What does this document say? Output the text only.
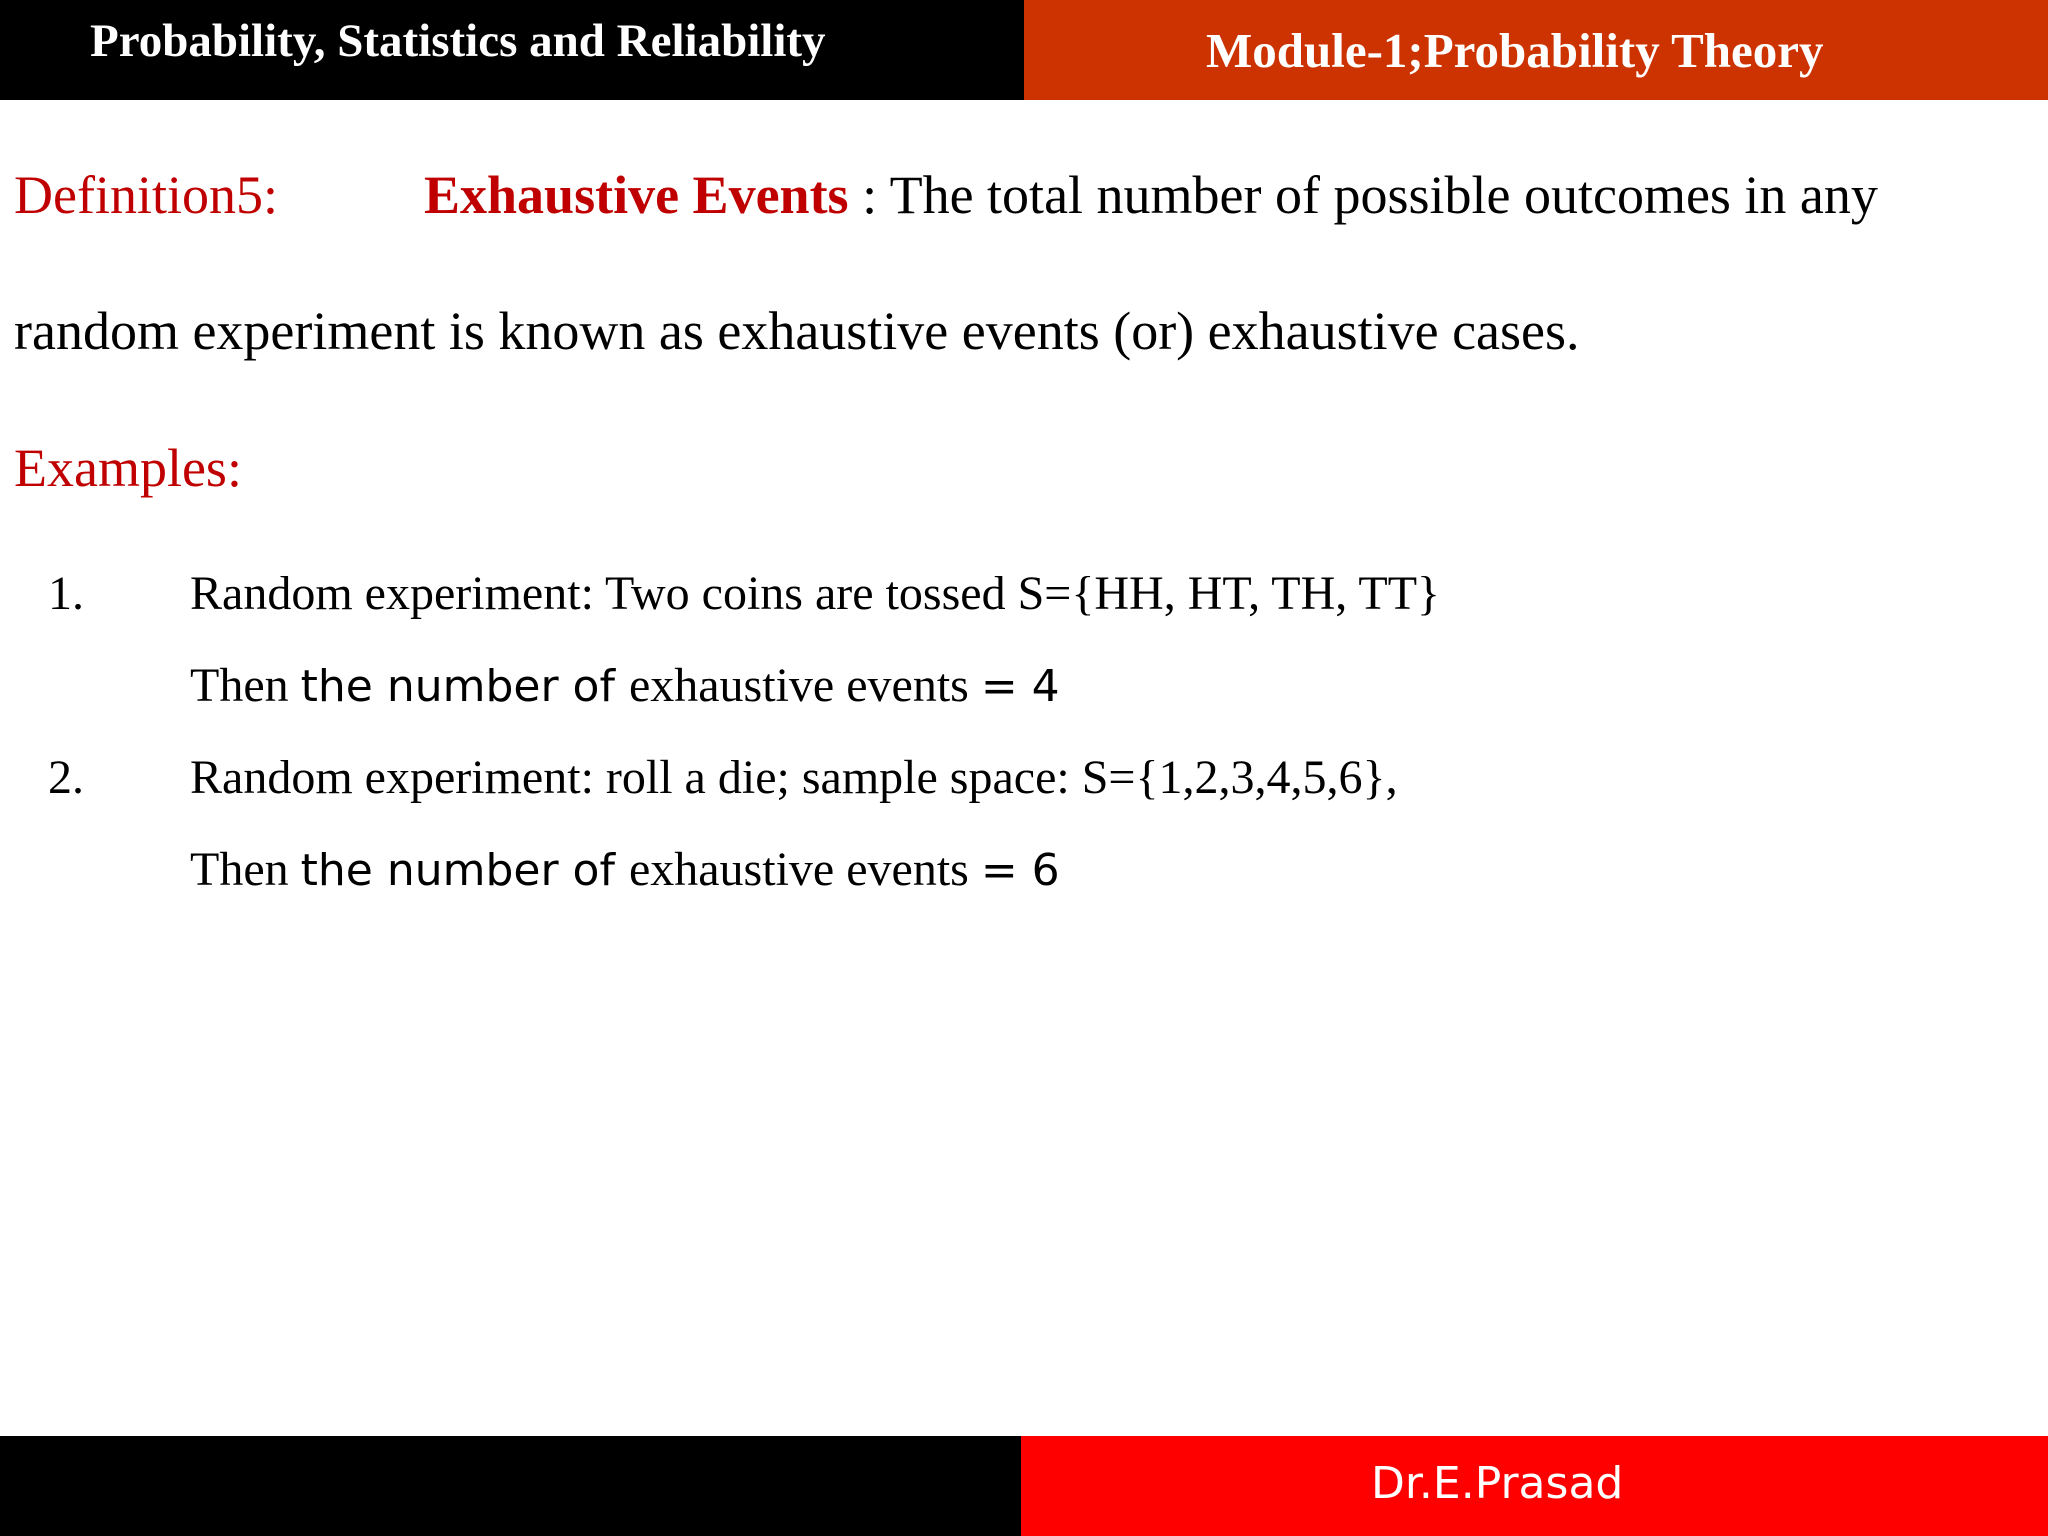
Probability, Statistics and Reliability	Module-1;Probability Theory
Definition5:	Exhaustive Events : The total number of possible outcomes in any
random experiment is known as exhaustive events (or) exhaustive cases.
Examples:
1. Random experiment: Two coins are tossed S={HH, HT, TH, TT}
Then the number of exhaustive events = 4
2. Random experiment: roll a die; sample space: S={1,2,3,4,5,6},
Then the number of exhaustive events = 6
Dr.E.Prasad
